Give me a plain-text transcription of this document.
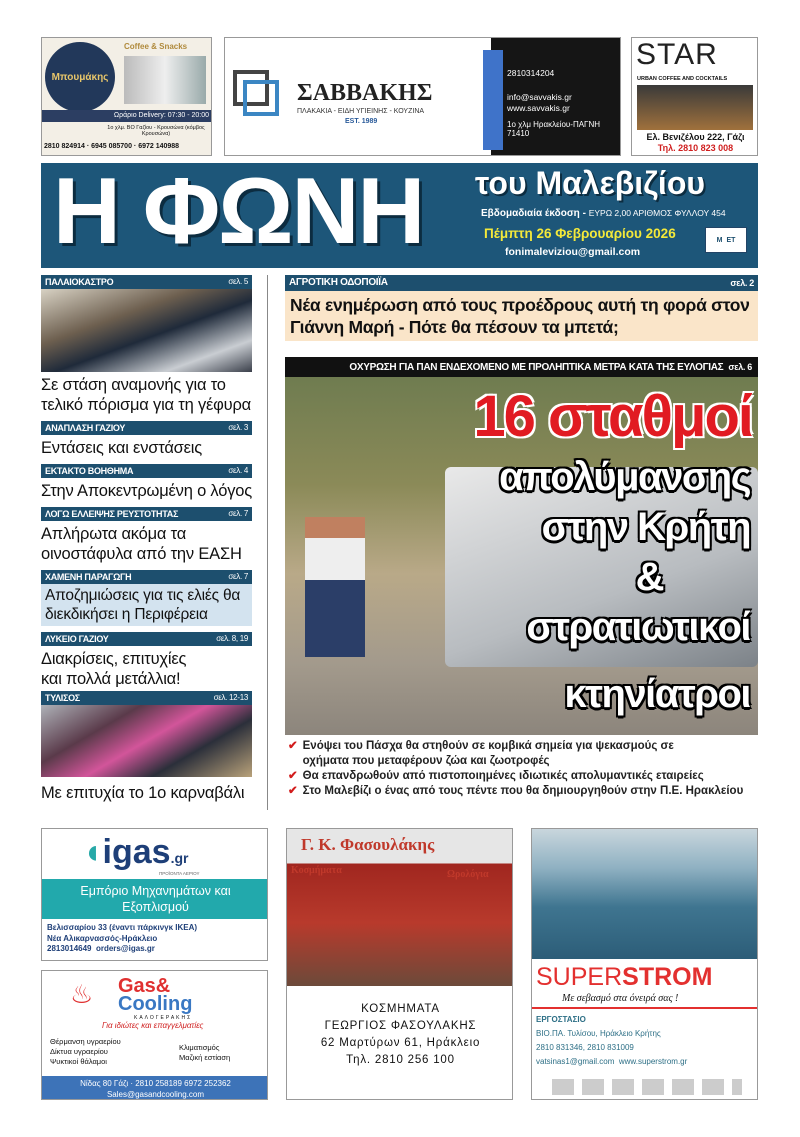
Μπουμάκης
Coffee & Snacks
Ωράριο Delivery: 07:30 - 20:00
1ο χλμ. ΒΟ Γαζίου - Κρουσώνα (κόμβος Κρουσώνα)
2810 824914 · 6945 085700 · 6972 140988
ΣΑΒΒΑΚΗΣ
ΠΛΑΚΑΚΙΑ - ΕΙΔΗ ΥΓΙΕΙΝΗΣ - ΚΟΥΖΙΝΑ
EST. 1989
2810314204
info@savvakis.gr
www.savvakis.gr
1ο χλμ Ηρακλείου-ΠΑΓΝΗ 71410
STAR
URBAN COFFEE AND COCKTAILS
Ελ. Βενιζέλου 222, Γάζι
Τηλ. 2810 823 008
Η ΦΩΝΗ του Μαλεβιζίου
Εβδομαδιαία έκδοση - ΕΥΡΩ 2,00 ΑΡΙΘΜΟΣ ΦΥΛΛΟΥ 454
Πέμπτη 26 Φεβρουαρίου 2026
fonimaleviziou@gmail.com
M ET
ΠΑΛΑΙΟΚΑΣΤΡΟ	σελ. 5
Σε στάση αναμονής για το τελικό πόρισμα για τη γέφυρα
ΑΝΑΠΛΑΣΗ ΓΑΖΙΟΥ	σελ. 3
Εντάσεις και ενστάσεις
ΕΚΤΑΚΤΟ ΒΟΗΘΗΜΑ	σελ. 4
Στην Αποκεντρωμένη ο λόγος
ΛΟΓΩ ΕΛΛΕΙΨΗΣ ΡΕΥΣΤΟΤΗΤΑΣ	σελ. 7
Απλήρωτα ακόμα τα οινοστάφυλα από την ΕΑΣΗ
ΧΑΜΕΝΗ ΠΑΡΑΓΩΓΗ	σελ. 7
Αποζημιώσεις για τις ελιές θα διεκδικήσει η Περιφέρεια
ΛΥΚΕΙΟ ΓΑΖΙΟΥ	σελ. 8, 19
Διακρίσεις, επιτυχίες και πολλά μετάλλια!
ΤΥΛΙΣΟΣ	σελ. 12-13
Με επιτυχία το 1ο καρναβάλι
ΑΓΡΟΤΙΚΗ ΟΔΟΠΟΙΪΑ	σελ. 2
Νέα ενημέρωση από τους προέδρους αυτή τη φορά στον Γιάννη Μαρή - Πότε θα πέσουν τα μπετά;
ΟΧΥΡΩΣΗ ΓΙΑ ΠΑΝ ΕΝΔΕΧΟΜΕΝΟ ΜΕ ΠΡΟΛΗΠΤΙΚΑ ΜΕΤΡΑ ΚΑΤΑ ΤΗΣ ΕΥΛΟΓΙΑΣ σελ. 6
16 σταθμοί
απολύμανσης
στην Κρήτη
&
στρατιωτικοί
κτηνίατροι
✔ Ενόψει του Πάσχα θα στηθούν σε κομβικά σημεία για ψεκασμούς σε οχήματα που μεταφέρουν ζώα και ζωοτροφές
✔ Θα επανδρωθούν από πιστοποιημένες ιδιωτικές απολυμαντικές εταιρείες
✔ Στο Μαλεβίζι ο ένας από τους πέντε που θα δημιουργηθούν στην Π.Ε. Ηρακλείου
◖igas.gr
ΠΡΟΪΟΝΤΑ ΑΕΡΙΟΥ
Εμπόριο Μηχανημάτων και Εξοπλισμού
Βελισσαρίου 33 (έναντι πάρκινγκ ΙΚΕΑ)
Νέα Αλικαρνασσός-Ηράκλειο
2813014649 orders@igas.gr
♨ Gas&
Cooling
ΚΑΛΟΓΕΡΑΚΗΣ
Για ιδιώτες και επαγγελματίες
Θέρμανση υγραερίου
Δίκτυα υγραερίου
Ψυκτικοί θάλαμοι
Κλιματισμός
Μαζική εστίαση
Νίδας 80 Γάζι · 2810 258189 6972 252362
Sales@gasandcooling.com
Γ. Κ. Φασουλάκης
Κοσμήματα	Ωρολόγια
ΚΟΣΜΗΜΑΤΑ
ΓΕΩΡΓΙΟΣ ΦΑΣΟΥΛΑΚΗΣ
62 Μαρτύρων 61, Ηράκλειο
Τηλ. 2810 256 100
SUPERSTROM
Με σεβασμό στα όνειρά σας !
ΕΡΓΟΣΤΑΣΙΟ
ΒΙΟ.ΠΑ. Τυλίσου, Ηράκλειο Κρήτης
2810 831346, 2810 831009
vatsinas1@gmail.com www.superstrom.gr
